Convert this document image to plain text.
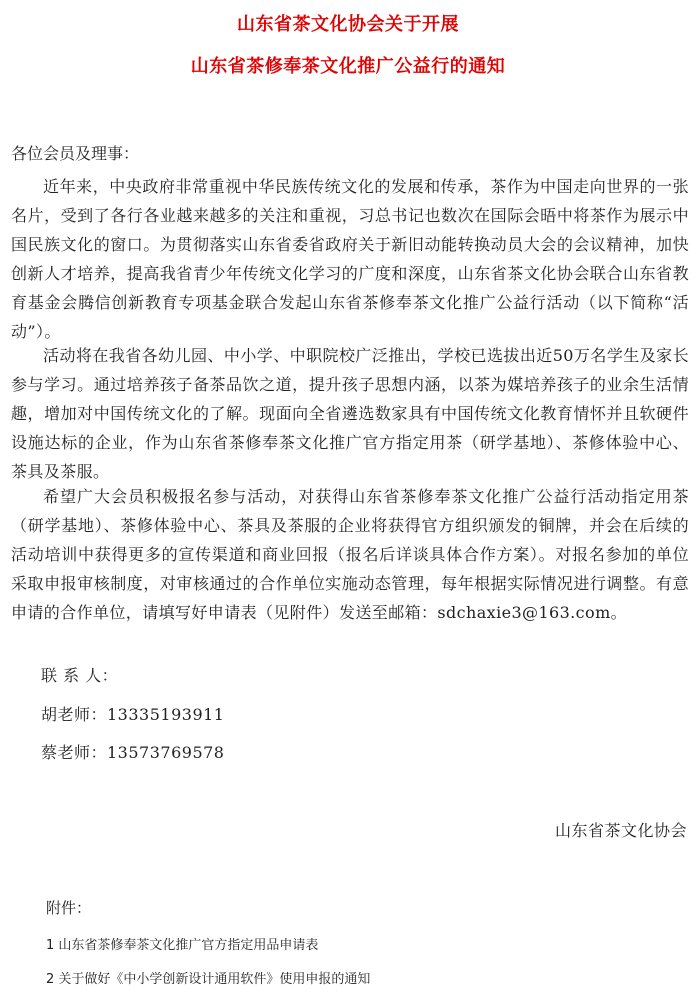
山东省茶文化协会关于开展
山东省茶修奉茶文化推广公益行的通知
各位会员及理事：

近年来，中央政府非常重视中华民族传统文化的发展和传承，茶作为中国走向世界的一张名片，受到了各行各业越来越多的关注和重视，习总书记也数次在国际会晤中将茶作为展示中国民族文化的窗口。为贯彻落实山东省委省政府关于新旧动能转换动员大会的会议精神，加快创新人才培养，提高我省青少年传统文化学习的广度和深度，山东省茶文化协会联合山东省教育基金会腾信创新教育专项基金联合发起山东省茶修奉茶文化推广公益行活动（以下简称“活动”）。

活动将在我省各幼儿园、中小学、中职院校广泛推出，学校已选拔出近50万名学生及家长参与学习。通过培养孩子备茶品饮之道，提升孩子思想内涵，以茶为媒培养孩子的业余生活情趣，增加对中国传统文化的了解。现面向全省遴选数家具有中国传统文化教育情怀并且软硬件设施达标的企业，作为山东省茶修奉茶文化推广官方指定用茶（研学基地）、茶修体验中心、茶具及茶服。

希望广大会员积极报名参与活动，对获得山东省茶修奉茶文化推广公益行活动指定用茶（研学基地）、茶修体验中心、茶具及茶服的企业将获得官方组织颁发的铜牌，并会在后续的活动培训中获得更多的宣传渠道和商业回报（报名后详谈具体合作方案）。对报名参加的单位采取申报审核制度，对审核通过的合作单位实施动态管理，每年根据实际情况进行调整。有意申请的合作单位，请填写好申请表（见附件）发送至邮箱：sdchaxie3@163.com。

联 系 人：
胡老师：13335193911
蔡老师：13573769578
山东省茶文化协会
附件：
1 山东省茶修奉茶文化推广官方指定用品申请表
2 关于做好《中小学创新设计通用软件》使用申报的通知
